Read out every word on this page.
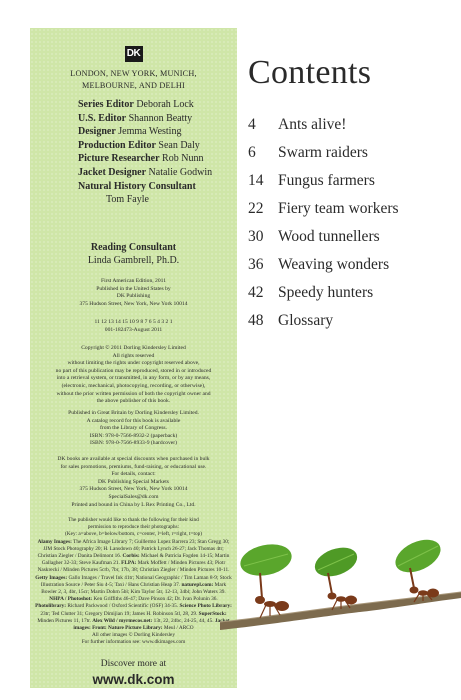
DK
LONDON, NEW YORK, MUNICH,
MELBOURNE, AND DELHI
Series Editor Deborah Lock
U.S. Editor Shannon Beatty
Designer Jemma Westing
Production Editor Sean Daly
Picture Researcher Rob Nunn
Jacket Designer Natalie Godwin
Natural History Consultant
Tom Fayle
Reading Consultant
Linda Gambrell, Ph.D.
First American Edition, 2011
Published in the United States by
DK Publishing
375 Hudson Street, New York, New York 10014
11 12 13 14 15 10 9 8 7 6 5 4 3 2 1
001-182473-August 2011
Copyright © 2011 Dorling Kindersley Limited
All rights reserved
without limiting the rights under copyright reserved above,
no part of this publication may be reproduced, stored in or introduced
into a retrieval system, or transmitted, in any form, or by any means,
(electronic, mechanical, photocopying, recording, or otherwise),
without the prior written permission of both the copyright owner and
the above publisher of this book.
Published in Great Britain by Dorling Kindersley Limited.
A catalog record for this book is available
from the Library of Congress.
ISBN: 978-0-7566-8932-2 (paperback)
ISBN: 978-0-7566-8933-9 (hardcover)
DK books are available at special discounts when purchased in bulk
for sales promotions, premiums, fund-raising, or educational use.
For details, contact:
DK Publishing Special Markets
375 Hudson Street, New York, New York 10014
SpecialSales@dk.com
Printed and bound in China by L Rex Printing Co., Ltd.
The publisher would like to thank the following for their kind
permission to reproduce their photographs:
(Key: a=above, b=below/bottom, c=center, l=left, r=right, t=top)
Alamy Images: The Africa Image Library 7; Guillermo Lopez Barrera 23; Stan Gregg 30; JJM Stock Photography 20; H. Lansdown 40; Patrick Lynch 26-27; Jack Thomas 4tr; Christian Ziegler / Danita Delimont 16. Corbis: Michael & Patricia Fogden 14-15; Martin Gallagher 32-33; Steve Kaufman 21. FLPA: Mark Moffett / Minden Pictures 43; Piotr Naskrecki / Minden Pictures 5crb, 7br, 17b, 38; Christian Ziegler / Minden Pictures 10-11. Getty Images: Gallo Images / Travel Ink 41tr; National Geographic / Tim Laman 8-9; Stock Illustration Source / Peter Siu 4-5; Taxi / Hans Christian Heap 37. naturepl.com: Mark Bowler 2, 3, 4br, 15cr; Martin Dohrn 5bl; Kim Taylor 5tr, 12-13, 34bl; John Waters 39. NHPA / Photoshot: Ken Griffiths 46-47; Dave Pinson 42; Dr. Ivan Polunin 36. Photolibrary: Richard Packwood / Oxford Scientific (OSF) 34-35. Science Photo Library: 23tr; Ted Clutter 31; Gregory Dimijian 19; James H. Robinson 5tl, 28, 29. SuperStock: Minden Pictures 11, 17tr. Alex Wild / myrmecos.net: 13t, 22, 24bc, 24-25, 44, 45. Jacket images: Front: Nature Picture Library: Meul / ARCO
All other images © Dorling Kindersley
For further information see: www.dkimages.com
Discover more at
www.dk.com
Contents
4 Ants alive!
6 Swarm raiders
14 Fungus farmers
22 Fiery team workers
30 Wood tunnellers
36 Weaving wonders
42 Speedy hunters
48 Glossary
